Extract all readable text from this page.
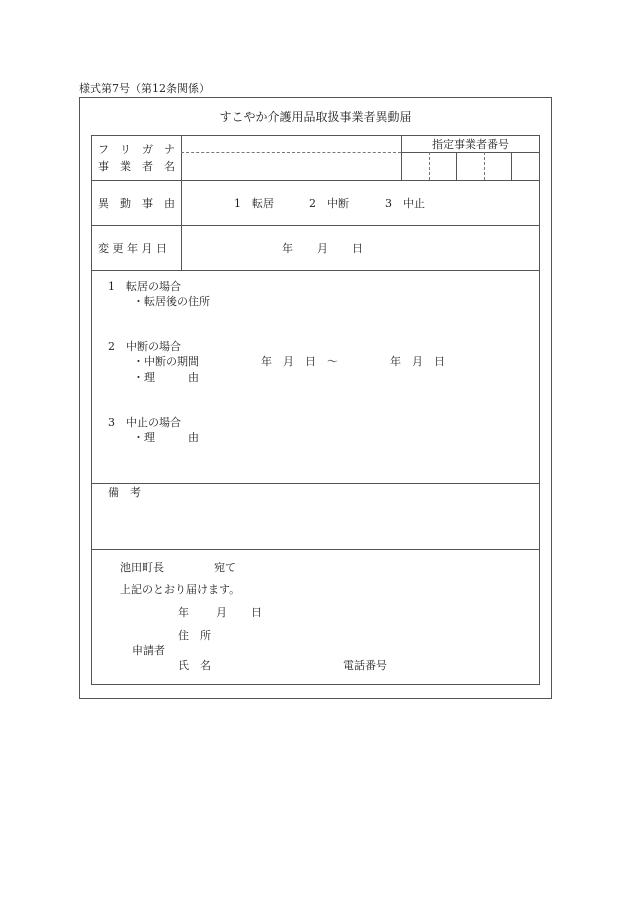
様式第7号（第12条関係）
すこやか介護用品取扱事業者異動届
指定事業者番号
フ　リ　ガ　ナ
事　業　者　名
異　動　事　由	1　転居	2　中断	3　中止
変 更 年 月 日	年 月 日
1　転居の場合
・転居後の住所
2　中断の場合
・中断の期間	年　月　日　～	年　月　日
・理　　　由
3　中止の場合
・理　　　由
備　考
池田町長	宛て
上記のとおり届けます。
年 月 日
住　所
申請者
氏　名	電話番号
